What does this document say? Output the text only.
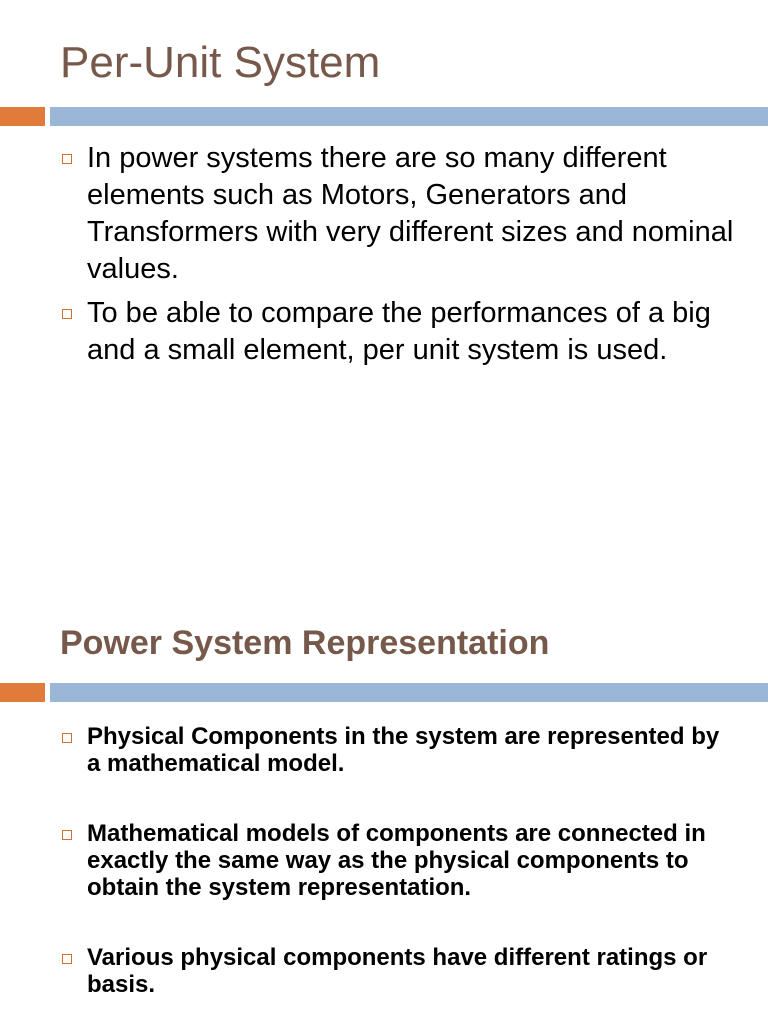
Per-Unit System
In power systems there are so many different elements such as Motors, Generators and Transformers with very different sizes and nominal values.
To be able to compare the performances of a big and a small element, per unit system is used.
Power System Representation
Physical Components in the system are represented by a mathematical model.
Mathematical models of components are connected in exactly the same way as the physical components to obtain the system representation.
Various physical components have different ratings or basis.
